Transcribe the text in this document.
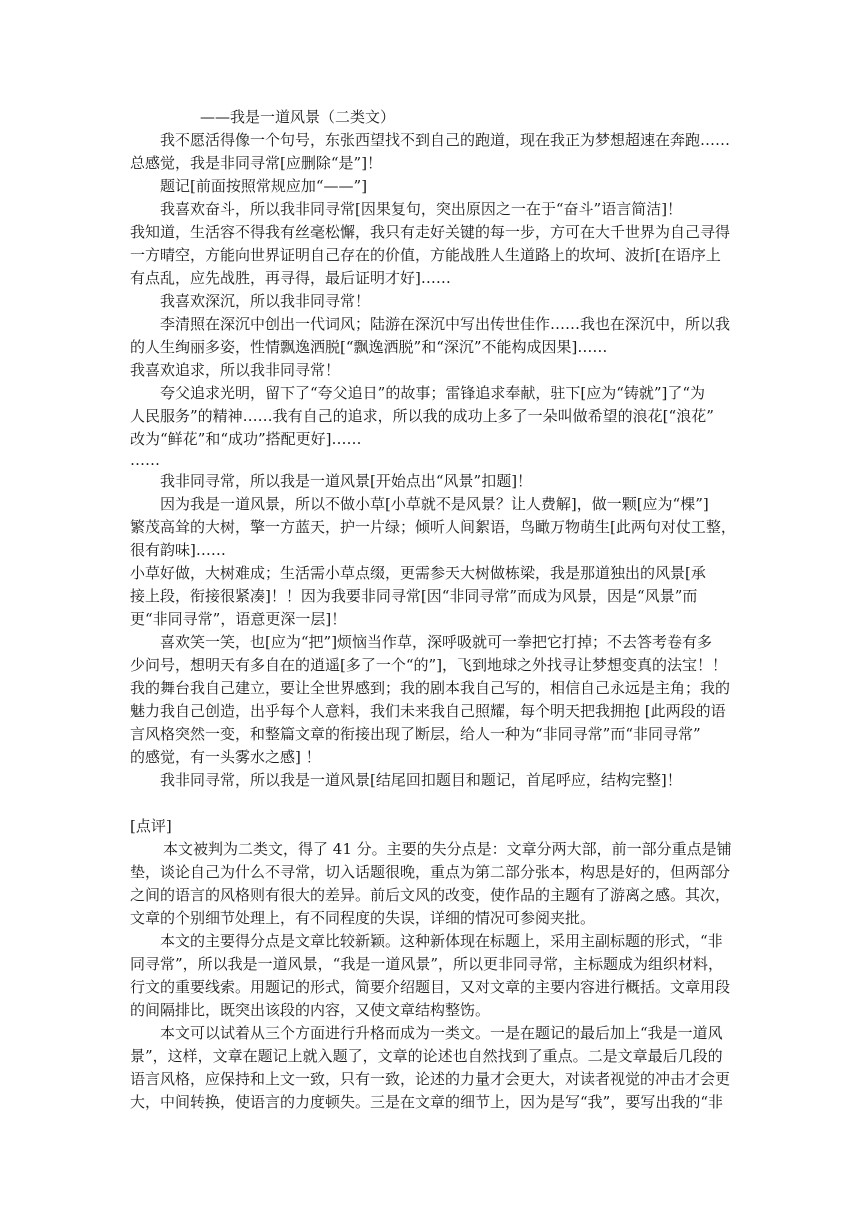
——我是一道风景（二类文）

我不愿活得像一个句号，东张西望找不到自己的跑道，现在我正为梦想超速在奔跑……

总感觉，我是非同寻常[应删除“是”]！

题记[前面按照常规应加“——”]

我喜欢奋斗，所以我非同寻常[因果复句，突出原因之一在于“奋斗”语言简洁]！

我知道，生活容不得我有丝毫松懈，我只有走好关键的每一步，方可在大千世界为自己寻得

一方晴空，方能向世界证明自己存在的价值，方能战胜人生道路上的坎坷、波折[在语序上

有点乱，应先战胜，再寻得，最后证明才好]……

我喜欢深沉，所以我非同寻常！

李清照在深沉中创出一代词风；陆游在深沉中写出传世佳作……我也在深沉中，所以我

的人生绚丽多姿，性情飘逸洒脱[“飘逸洒脱”和“深沉”不能构成因果]……

我喜欢追求，所以我非同寻常！

夸父追求光明，留下了“夸父追日”的故事；雷锋追求奉献，驻下[应为“铸就”]了“为

人民服务”的精神……我有自己的追求，所以我的成功上多了一朵叫做希望的浪花[“浪花”

改为“鲜花”和“成功”搭配更好]……

……

我非同寻常，所以我是一道风景[开始点出“风景”扣题]！

因为我是一道风景，所以不做小草[小草就不是风景？让人费解]，做一颗[应为“棵”]

繁茂高耸的大树，擎一方蓝天，护一片绿；倾听人间絮语，鸟瞰万物萌生[此两句对仗工整，

很有韵味]……

小草好做，大树难成；生活需小草点缀，更需参天大树做栋梁，我是那道独出的风景[承

接上段，衔接很紧凑]！！因为我要非同寻常[因“非同寻常”而成为风景，因是“风景”而

更“非同寻常”，语意更深一层]！

喜欢笑一笑，也[应为“把”]烦恼当作草，深呼吸就可一拳把它打掉；不去答考卷有多

少问号，想明天有多自在的逍遥[多了一个“的”]，飞到地球之外找寻让梦想变真的法宝！！

我的舞台我自己建立，要让全世界感到；我的剧本我自己写的，相信自己永远是主角；我的

魅力我自己创造，出乎每个人意料，我们未来我自己照耀，每个明天把我拥抱 [此两段的语

言风格突然一变，和整篇文章的衔接出现了断层，给人一种为“非同寻常”而“非同寻常”

的感觉，有一头雾水之感] ！

我非同寻常，所以我是一道风景[结尾回扣题目和题记，首尾呼应，结构完整]！

[点评]

本文被判为二类文，得了 41 分。主要的失分点是：文章分两大部，前一部分重点是铺

垫，谈论自己为什么不寻常，切入话题很晚，重点为第二部分张本，构思是好的，但两部分

之间的语言的风格则有很大的差异。前后文风的改变，使作品的主题有了游离之感。其次，

文章的个别细节处理上，有不同程度的失误，详细的情况可参阅夹批。

本文的主要得分点是文章比较新颖。这种新体现在标题上，采用主副标题的形式，“非

同寻常”，所以我是一道风景，“我是一道风景”，所以更非同寻常，主标题成为组织材料，

行文的重要线索。用题记的形式，简要介绍题目，又对文章的主要内容进行概括。文章用段

的间隔排比，既突出该段的内容，又使文章结构整饬。

本文可以试着从三个方面进行升格而成为一类文。一是在题记的最后加上“我是一道风

景”，这样，文章在题记上就入题了，文章的论述也自然找到了重点。二是文章最后几段的

语言风格，应保持和上文一致，只有一致，论述的力量才会更大，对读者视觉的冲击才会更

大，中间转换，使语言的力度顿失。三是在文章的细节上，因为是写“我”，要写出我的“非
